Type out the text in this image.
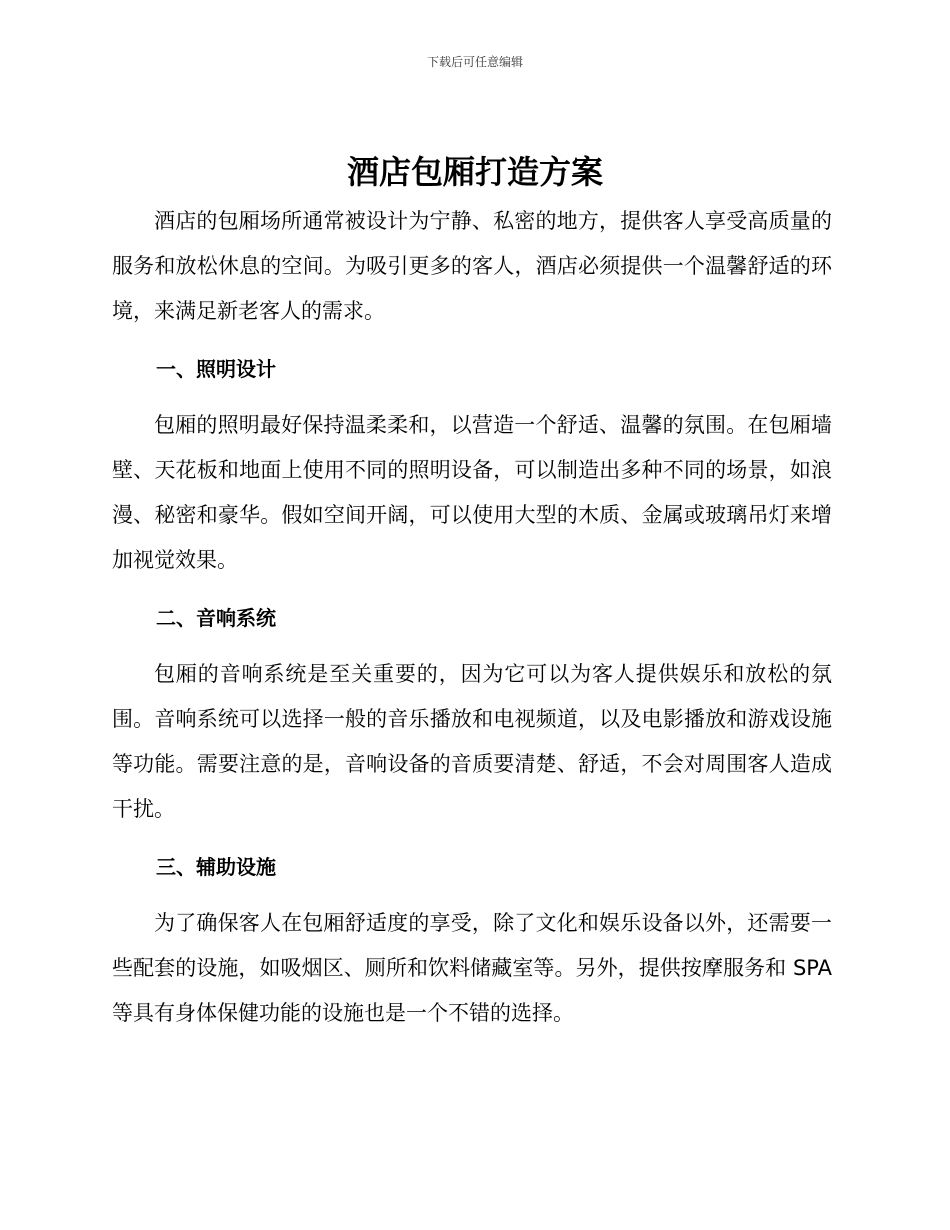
下载后可任意编辑
酒店包厢打造方案

酒店的包厢场所通常被设计为宁静、私密的地方，提供客人享受高质量的服务和放松休息的空间。为吸引更多的客人，酒店必须提供一个温馨舒适的环境，来满足新老客人的需求。

一、照明设计

包厢的照明最好保持温柔柔和，以营造一个舒适、温馨的氛围。在包厢墙壁、天花板和地面上使用不同的照明设备，可以制造出多种不同的场景，如浪漫、秘密和豪华。假如空间开阔，可以使用大型的木质、金属或玻璃吊灯来增加视觉效果。

二、音响系统

包厢的音响系统是至关重要的，因为它可以为客人提供娱乐和放松的氛围。音响系统可以选择一般的音乐播放和电视频道，以及电影播放和游戏设施等功能。需要注意的是，音响设备的音质要清楚、舒适，不会对周围客人造成干扰。

三、辅助设施

为了确保客人在包厢舒适度的享受，除了文化和娱乐设备以外，还需要一些配套的设施，如吸烟区、厕所和饮料储藏室等。另外，提供按摩服务和 SPA 等具有身体保健功能的设施也是一个不错的选择。
